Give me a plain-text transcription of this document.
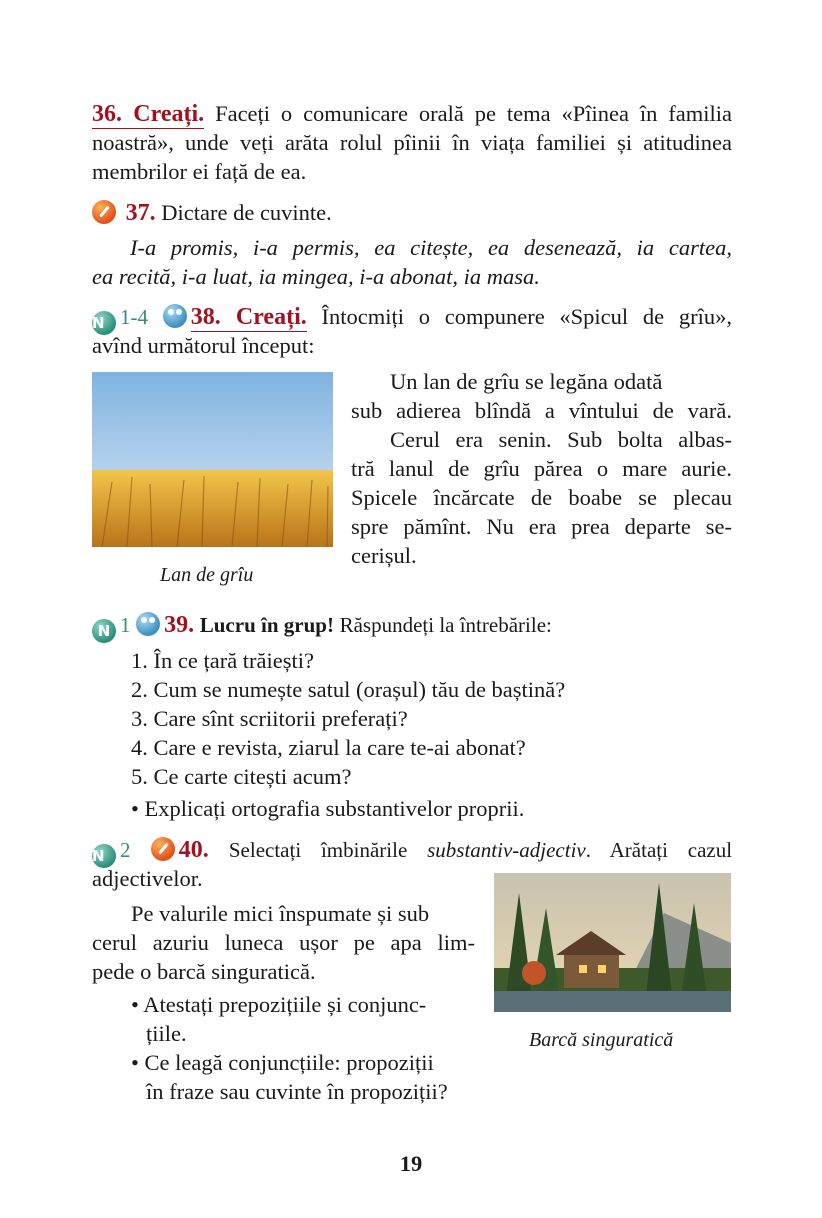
36. Creați. Faceți o comunicare orală pe tema «Pîinea în familia
noastră», unde veți arăta rolul pîinii în viața familiei și atitudinea
membrilor ei față de ea.
37. Dictare de cuvinte.
I-a promis, i-a permis, ea citește, ea desenează, ia cartea,
ea recită, i-a luat, ia mingea, i-a abonat, ia masa.
N 1-4 38. Creați. Întocmiți o compunere «Spicul de grîu»,
avînd următorul început:
Lan de grîu
Un lan de grîu se legăna odată
sub adierea blîndă a vîntului de vară.
Cerul era senin. Sub bolta albas-
tră lanul de grîu părea o mare aurie.
Spicele încărcate de boabe se plecau
spre pămînt. Nu era prea departe se-
cerișul.
N 1 39. Lucru în grup! Răspundeți la întrebările:
1. În ce țară trăiești?
2. Cum se numește satul (orașul) tău de baștină?
3. Care sînt scriitorii preferați?
4. Care e revista, ziarul la care te-ai abonat?
5. Ce carte citești acum?
• Explicați ortografia substantivelor proprii.
N 2 40. Selectați îmbinările substantiv-adjectiv. Arătați cazul
adjectivelor.
Barcă singuratică
Pe valurile mici înspumate și sub
cerul azuriu luneca ușor pe apa lim-
pede o barcă singuratică.
• Atestați prepozițiile și conjunc-
țiile.
• Ce leagă conjuncțiile: propoziții
în fraze sau cuvinte în propoziții?
19
